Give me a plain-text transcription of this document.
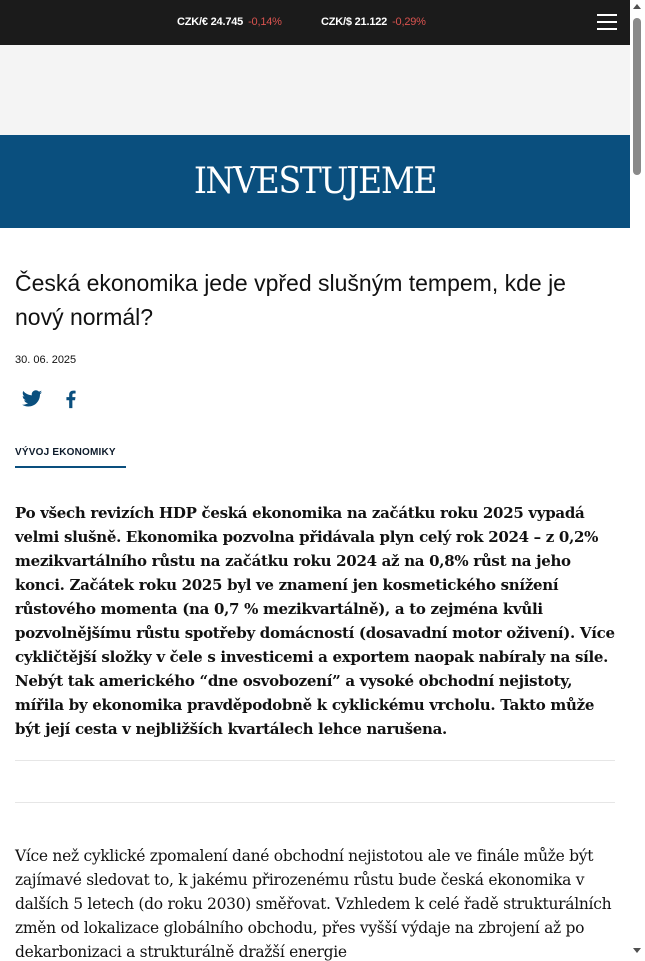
CZK/€ 24.745 -0,14%	CZK/$ 21.122 -0,29%
INVESTUJEME
Česká ekonomika jede vpřed slušným tempem, kde je nový normál?
30. 06. 2025
VÝVOJ EKONOMIKY

Po všech revizích HDP česká ekonomika na začátku roku 2025 vypadá velmi slušně. Ekonomika pozvolna přidávala plyn celý rok 2024 – z 0,2% mezikvartálního růstu na začátku roku 2024 až na 0,8% růst na jeho konci. Začátek roku 2025 byl ve znamení jen kosmetického snížení růstového momenta (na 0,7 % mezikvartálně), a to zejména kvůli pozvolnějšímu růstu spotřeby domácností (dosavadní motor oživení). Více cykličtější složky v čele s investicemi a exportem naopak nabíraly na síle. Nebýt tak amerického “dne osvobození” a vysoké obchodní nejistoty, mířila by ekonomika pravděpodobně k cyklickému vrcholu. Takto může být její cesta v nejbližších kvartálech lehce narušena.

Více než cyklické zpomalení dané obchodní nejistotou ale ve finále může být zajímavé sledovat to, k jakému přirozenému růstu bude česká ekonomika v dalších 5 letech (do roku 2030) směřovat. Vzhledem k celé řadě strukturálních změn od lokalizace globálního obchodu, přes vyšší výdaje na zbrojení až po dekarbonizaci a strukturálně dražší energie
